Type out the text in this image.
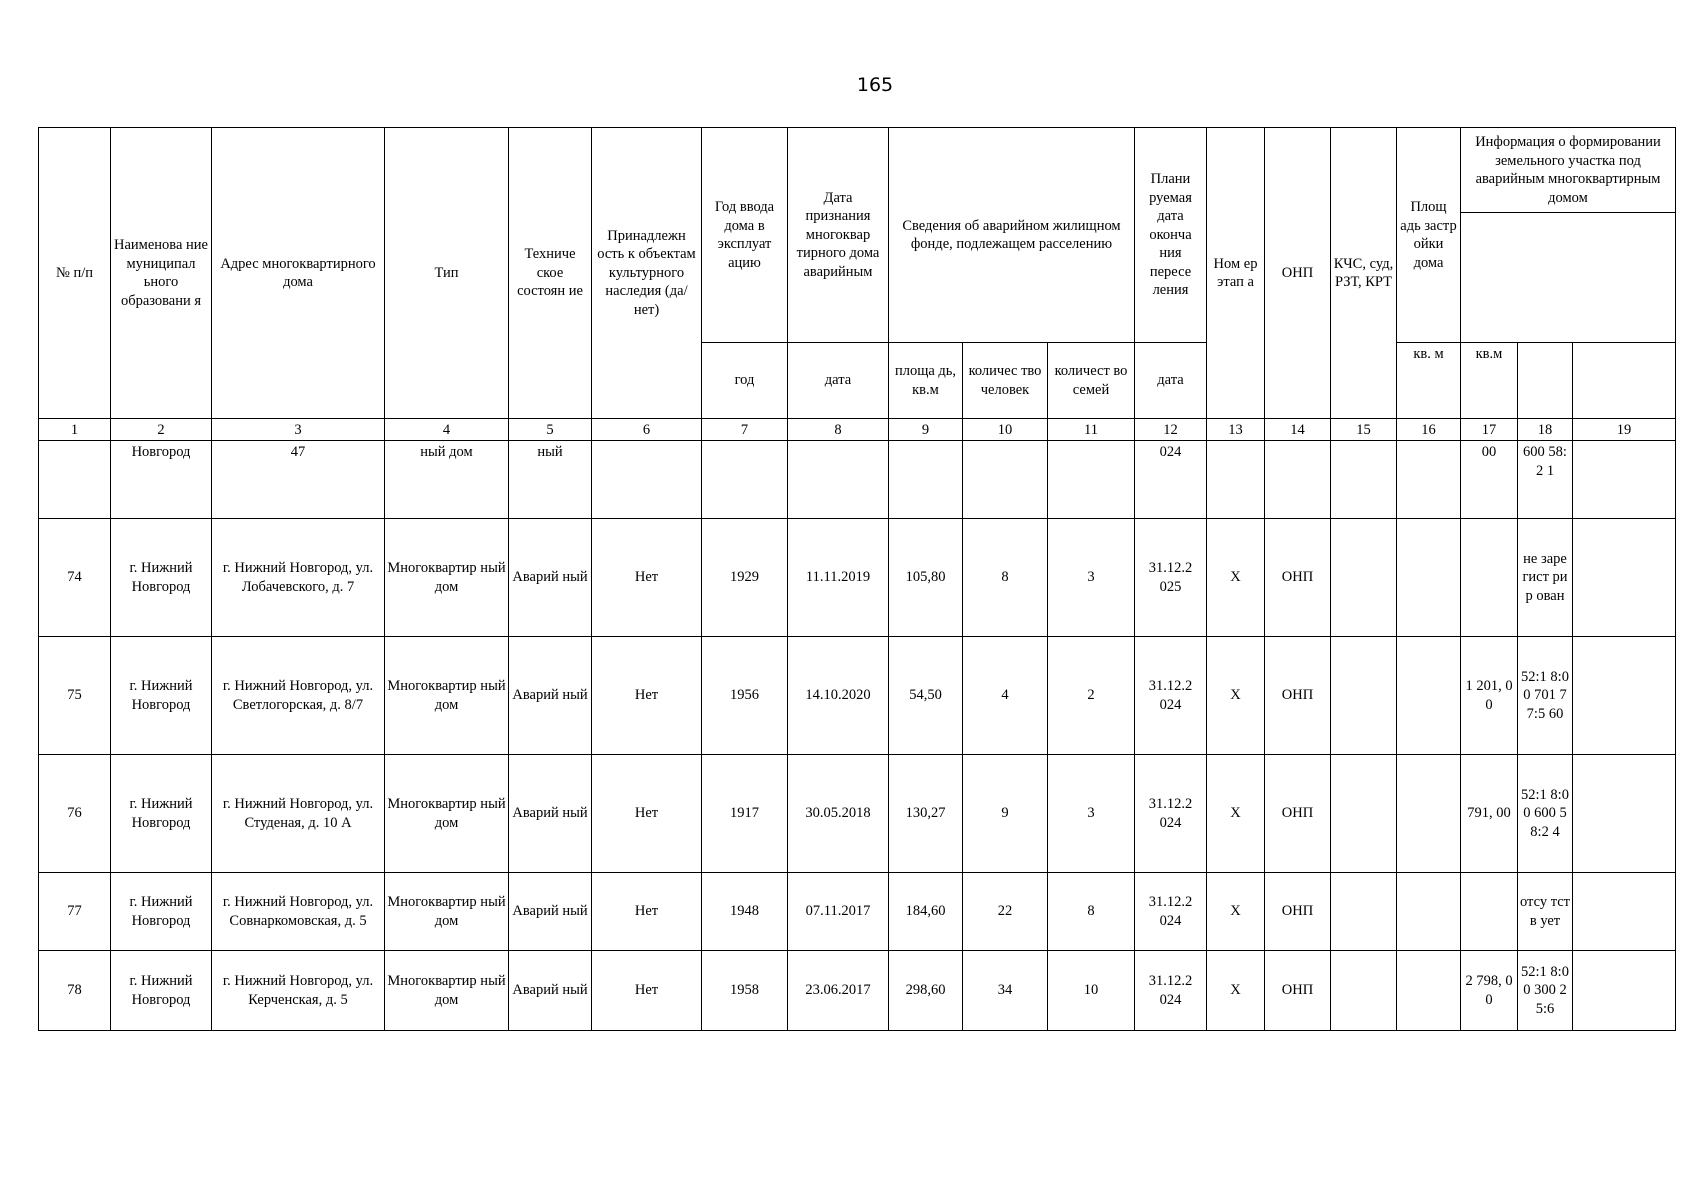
165
№ п/п	Наименова ние муниципал ьного образовани я	Адрес многоквартирного дома	Тип	Техниче ское состоян ие	Принадлежн ость к объектам культурного наследия (да/нет)	Год ввода дома в эксплуат ацию	Дата признания многоквар тирного дома аварийным	Сведения об аварийном жилищном фонде, подлежащем расселению			Плани руемая дата оконча ния пересе ления	Ном ер этап а	ОНП	КЧС, суд, РЗТ, КРТ	Площ адь застр ойки дома	Информация о формировании земельного участка под аварийным многоквартирным домом		

						год	дата	площа дь, кв.м	количес тво человек	количест во семей	дата				кв. м	кв.м		
1	2	3	4	5	6	7	8	9	10	11	12	13	14	15	16	17	18	19
	Новгород	47	ный дом	ный							024					00	600 58:2 1	
74	г. Нижний Новгород	г. Нижний Новгород, ул. Лобачевского, д. 7	Многоквартир ный дом	Аварий ный	Нет	1929	11.11.2019	105,80	8	3	31.12.2 025	Х	ОНП				не заре гист рир ован	
75	г. Нижний Новгород	г. Нижний Новгород, ул. Светлогорская, д. 8/7	Многоквартир ный дом	Аварий ный	Нет	1956	14.10.2020	54,50	4	2	31.12.2 024	Х	ОНП			1 201, 00	52:1 8:00 701 77:5 60	
76	г. Нижний Новгород	г. Нижний Новгород, ул. Студеная, д. 10 А	Многоквартир ный дом	Аварий ный	Нет	1917	30.05.2018	130,27	9	3	31.12.2 024	Х	ОНП			791, 00	52:1 8:00 600 58:2 4	
77	г. Нижний Новгород	г. Нижний Новгород, ул. Совнаркомовская, д. 5	Многоквартир ный дом	Аварий ный	Нет	1948	07.11.2017	184,60	22	8	31.12.2 024	Х	ОНП				отсу тств ует	
78	г. Нижний Новгород	г. Нижний Новгород, ул. Керченская, д. 5	Многоквартир ный дом	Аварий ный	Нет	1958	23.06.2017	298,60	34	10	31.12.2 024	Х	ОНП			2 798, 00	52:1 8:00 300 25:6	
